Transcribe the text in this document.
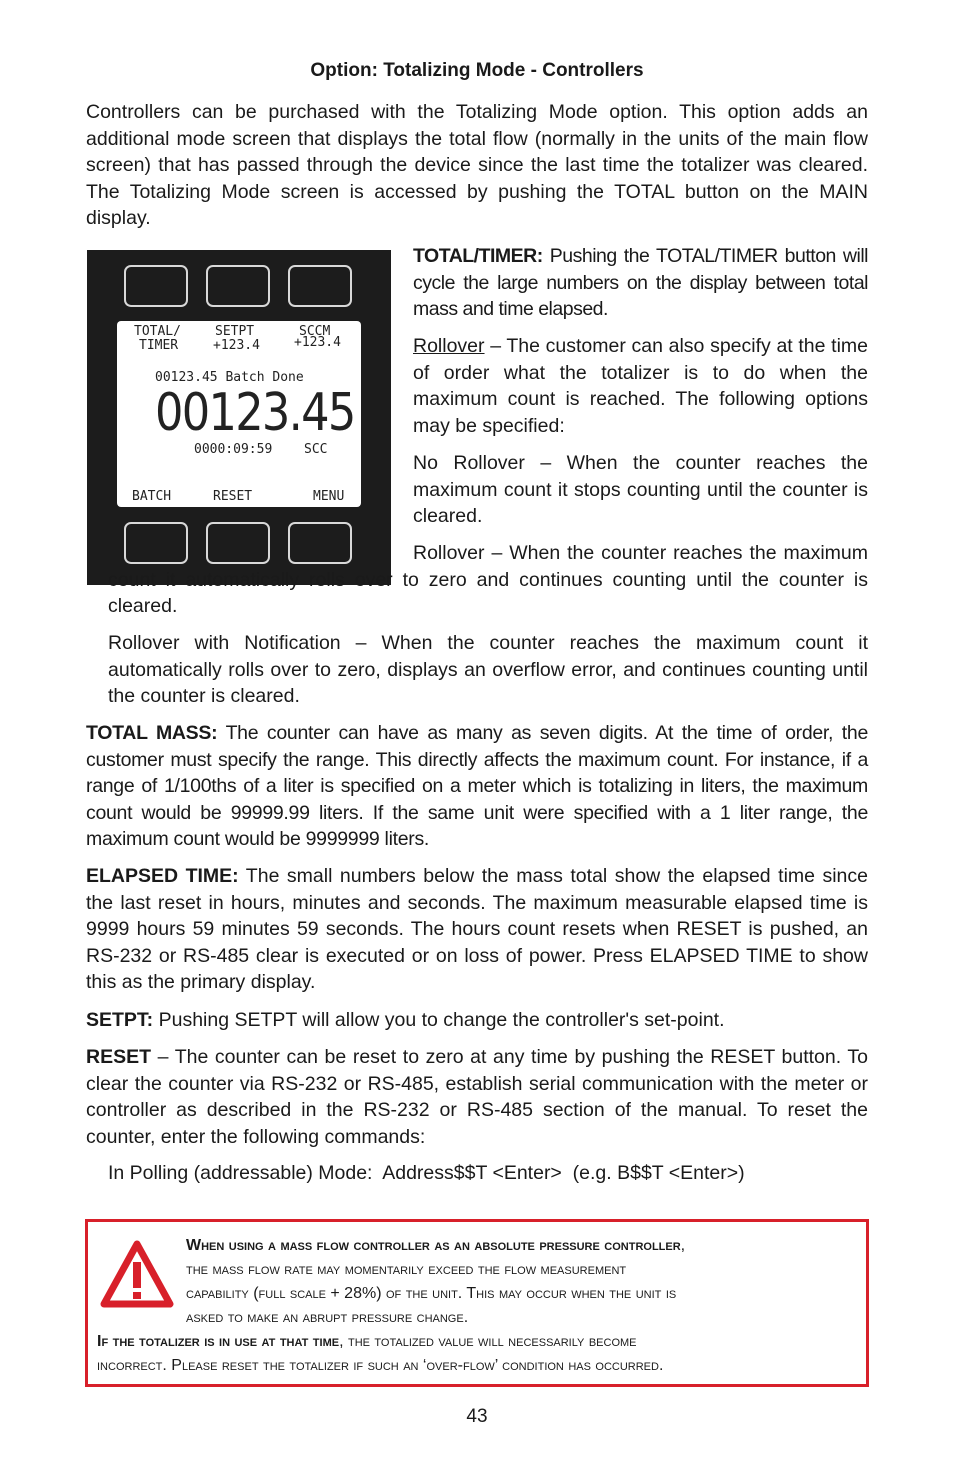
Option: Totalizing Mode - Controllers

Controllers can be purchased with the Totalizing Mode option. This option adds an additional mode screen that displays the total flow (normally in the units of the main flow screen) that has passed through the device since the last time the totalizer was cleared. The Totalizing Mode screen is accessed by pushing the TOTAL button on the MAIN display.

TOTAL/
TIMER
SETPT
+123.4
SCCM
+123.4
00123.45 Batch Done
00123.45
0000:09:59 SCC
BATCH	RESET	MENU

TOTAL/TIMER: Pushing the TOTAL/TIMER button will cycle the large numbers on the display between total mass and time elapsed.

Rollover – The customer can also specify at the time of order what the totalizer is to do when the maximum count is reached. The following options may be specified:

No Rollover – When the counter reaches the maximum count it stops counting until the counter is cleared.

Rollover – When the counter reaches the maximum count it automatically rolls over to zero and continues counting until the counter is cleared.

Rollover with Notification – When the counter reaches the maximum count it automatically rolls over to zero, displays an overflow error, and continues counting until the counter is cleared.

TOTAL MASS: The counter can have as many as seven digits. At the time of order, the customer must specify the range. This directly affects the maximum count. For instance, if a range of 1/100ths of a liter is specified on a meter which is totalizing in liters, the maximum count would be 99999.99 liters. If the same unit were specified with a 1 liter range, the maximum count would be 9999999 liters.

ELAPSED TIME: The small numbers below the mass total show the elapsed time since the last reset in hours, minutes and seconds. The maximum measurable elapsed time is 9999 hours 59 minutes 59 seconds. The hours count resets when RESET is pushed, an RS-232 or RS-485 clear is executed or on loss of power. Press ELAPSED TIME to show this as the primary display.

SETPT: Pushing SETPT will allow you to change the controller's set-point.

RESET – The counter can be reset to zero at any time by pushing the RESET button. To clear the counter via RS-232 or RS-485, establish serial communication with the meter or controller as described in the RS-232 or RS-485 section of the manual. To reset the counter, enter the following commands:

In Polling (addressable) Mode:  Address$$T <Enter>  (e.g. B$$T <Enter>)

When using a mass flow controller as an absolute pressure controller,
the mass flow rate may momentarily exceed the flow measurement
capability (full scale + 28%) of the unit. This may occur when the unit is
asked to make an abrupt pressure change.
If the totalizer is in use at that time, the totalized value will necessarily become
incorrect. Please reset the totalizer if such an ‘over-flow’ condition has occurred.
43
